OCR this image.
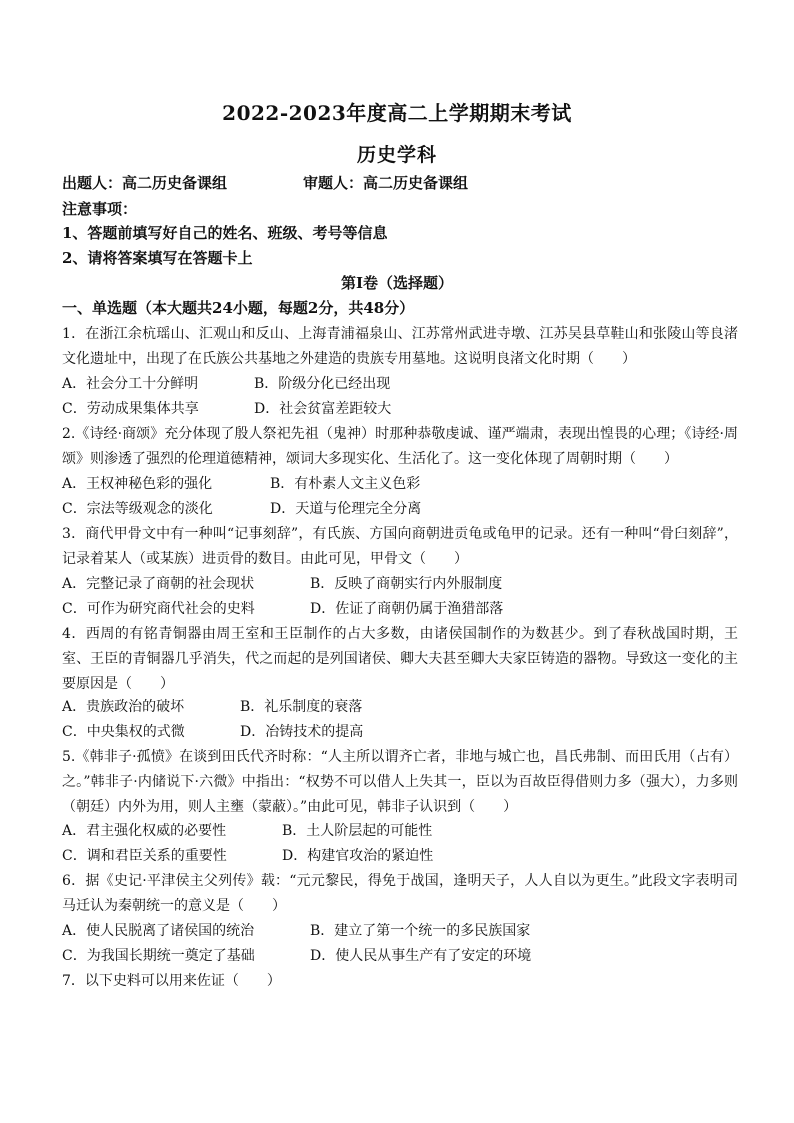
2022-2023年度高二上学期期末考试
历史学科
出题人：高二历史备课组	审题人：高二历史备课组
注意事项：
1、答题前填写好自己的姓名、班级、考号等信息
2、请将答案填写在答题卡上
第I卷（选择题）
一、单选题（本大题共24小题，每题2分，共48分）
1．在浙江余杭瑶山、汇观山和反山、上海青浦福泉山、江苏常州武进寺墩、江苏吴县草鞋山和张陵山等良渚文化遗址中，出现了在氏族公共基地之外建造的贵族专用墓地。这说明良渚文化时期（　　）
A．社会分工十分鲜明	B．阶级分化已经出现
C．劳动成果集体共享	D．社会贫富差距较大
2.《诗经·商颂》充分体现了殷人祭祀先祖（鬼神）时那种恭敬虔诚、谨严端肃，表现出惶畏的心理；《诗经·周颂》则渗透了强烈的伦理道德精神，颂词大多现实化、生活化了。这一变化体现了周朝时期（　　）
A．王权神秘色彩的强化	B．有朴素人文主义色彩
C．宗法等级观念的淡化	D．天道与伦理完全分离
3．商代甲骨文中有一种叫“记事刻辞”，有氏族、方国向商朝进贡龟或龟甲的记录。还有一种叫“骨臼刻辞”，记录着某人（或某族）进贡骨的数目。由此可见，甲骨文（　　）
A．完整记录了商朝的社会现状	B．反映了商朝实行内外服制度
C．可作为研究商代社会的史料	D．佐证了商朝仍属于渔猎部落
4．西周的有铭青铜器由周王室和王臣制作的占大多数，由诸侯国制作的为数甚少。到了春秋战国时期，王室、王臣的青铜器几乎消失，代之而起的是列国诸侯、卿大夫甚至卿大夫家臣铸造的器物。导致这一变化的主要原因是（　　）
A．贵族政治的破坏	B．礼乐制度的衰落
C．中央集权的式微	D．冶铸技术的提高
5.《韩非子·孤愤》在谈到田氏代齐时称：“人主所以谓齐亡者，非地与城亡也，昌氏弗制、而田氏用（占有）之。”韩非子·内储说下·六微》中指出：“权势不可以借人上失其一，臣以为百故臣得借则力多（强大），力多则（朝廷）内外为用，则人主壅（蒙蔽）。”由此可见，韩非子认识到（　　）
A．君主强化权威的必要性	B．土人阶层起的可能性
C．调和君臣关系的重要性	D．构建官攻治的紧迫性
6．据《史记·平津侯主父列传》载：“元元黎民，得免于战国，逢明天子，人人自以为更生。”此段文字表明司马迁认为秦朝统一的意义是（　　）
A．使人民脱离了诸侯国的统治	B．建立了第一个统一的多民族国家
C．为我国长期统一奠定了基础	D．使人民从事生产有了安定的环境
7．以下史料可以用来佐证（　　）
